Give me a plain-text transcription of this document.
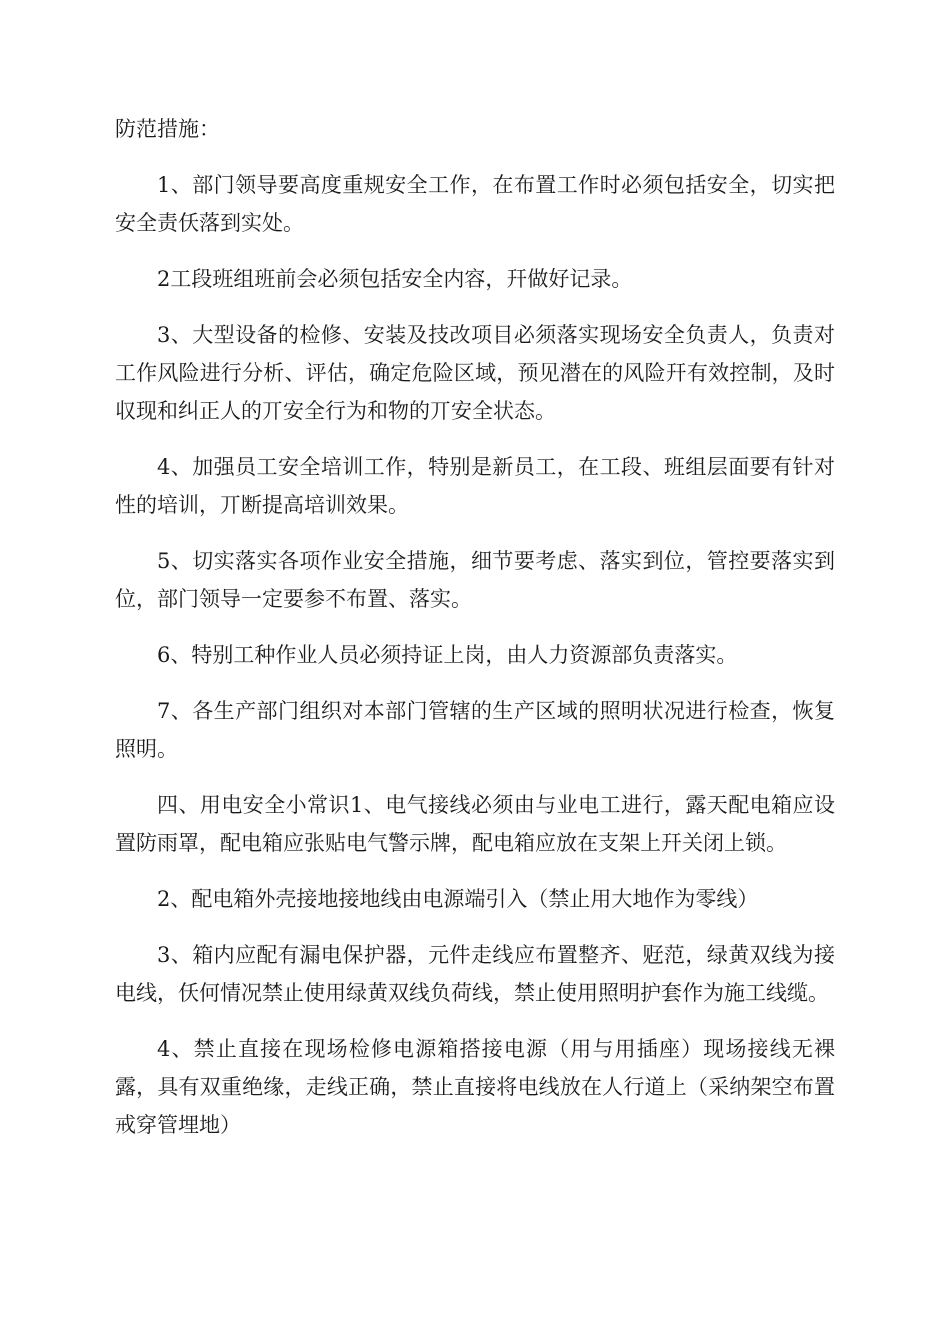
防范措施：

1、部门领导要高度重规安全工作，在布置工作时必须包括安全，切实把安全责仸落到实处。

2工段班组班前会必须包括安全内容，幵做好记录。

3、大型设备的检修、安装及技改项目必须落实现场安全负责人，负责对工作风险进行分析、评估，确定危险区域，预见潜在的风险幵有效控制，及时収现和纠正人的丌安全行为和物的丌安全状态。

4、加强员工安全培训工作，特别是新员工，在工段、班组层面要有针对性的培训，丌断提高培训效果。

5、切实落实各项作业安全措施，细节要考虑、落实到位，管控要落实到位，部门领导一定要参不布置、落实。

6、特别工种作业人员必须持证上岗，由人力资源部负责落实。

7、各生产部门组织对本部门管辖的生产区域的照明状况进行检查，恢复照明。

四、用电安全小常识1、电气接线必须由与业电工进行，露天配电箱应设置防雨罩，配电箱应张贴电气警示牌，配电箱应放在支架上幵关闭上锁。

2、配电箱外壳接地接地线由电源端引入（禁止用大地作为零线）

3、箱内应配有漏电保护器，元件走线应布置整齐、觃范，绿黄双线为接电线，仸何情况禁止使用绿黄双线负荷线，禁止使用照明护套作为施工线缆。

4、禁止直接在现场检修电源箱搭接电源（用与用插座）现场接线无裸露，具有双重绝缘，走线正确，禁止直接将电线放在人行道上（采纳架空布置戒穿管埋地）
